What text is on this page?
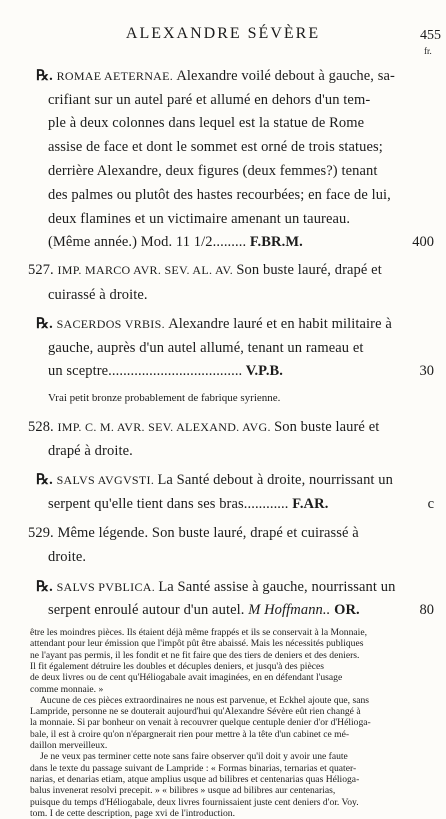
ALEXANDRE SÉVÈRE	455
fr.
℞. ROMAE AETERNAE. Alexandre voilé debout à gauche, sa-
crifiant sur un autel paré et allumé en dehors d'un tem-
ple à deux colonnes dans lequel est la statue de Rome
assise de face et dont le sommet est orné de trois statues;
derrière Alexandre, deux figures (deux femmes?) tenant
des palmes ou plutôt des hastes recourbées; en face de lui,
deux flamines et un victimaire amenant un taureau.
(Même année.) Mod. 11 1/2......... F.BR.M.	400
527. IMP. MARCO AVR. SEV. AL. AV. Son buste lauré, drapé et
cuirassé à droite.
℞. SACERDOS VRBIS. Alexandre lauré et en habit militaire à
gauche, auprès d'un autel allumé, tenant un rameau et
un sceptre.................................... V.P.B.	30
Vrai petit bronze probablement de fabrique syrienne.
528. IMP. C. M. AVR. SEV. ALEXAND. AVG. Son buste lauré et
drapé à droite.
℞. SALVS AVGVSTI. La Santé debout à droite, nourrissant un
serpent qu'elle tient dans ses bras............ F.AR.	c
529. Même légende. Son buste lauré, drapé et cuirassé à
droite.
℞. SALVS PVBLICA. La Santé assise à gauche, nourrissant un
serpent enroulé autour d'un autel. M Hoffmann.. OR.	80
être les moindres pièces. Ils étaient déjà même frappés et ils se conservait à la Monnaie,
attendant pour leur émission que l'impôt pût être abaissé. Mais les nécessités publiques
ne l'ayant pas permis, il les fondit et ne fit faire que des tiers de deniers et des deniers.
Il fit également détruire les doubles et décuples deniers, et jusqu'à des pièces
de deux livres ou de cent qu'Héliogabale avait imaginées, en en défendant l'usage
comme monnaie. »
Aucune de ces pièces extraordinaires ne nous est parvenue, et Eckhel ajoute que, sans
Lampride, personne ne se douterait aujourd'hui qu'Alexandre Sévère eût rien changé à
la monnaie. Si par bonheur on venait à recouvrer quelque centuple denier d'or d'Hélioga-
bale, il est à croire qu'on n'épargnerait rien pour mettre à la tête d'un cabinet ce mé-
daillon merveilleux.
Je ne veux pas terminer cette note sans faire observer qu'il doit y avoir une faute
dans le texte du passage suivant de Lampride : « Formas binarias, ternarias et quater-
narias, et denarias etiam, atque amplius usque ad bilibres et centenarias quas Hélioga-
balus invenerat resolvi precepit. » « bilibres » usque ad bilibres aur centenarias,
puisque du temps d'Héliogabale, deux livres fournissaient juste cent deniers d'or. Voy.
tom. I de cette description, page xvi de l'introduction.
